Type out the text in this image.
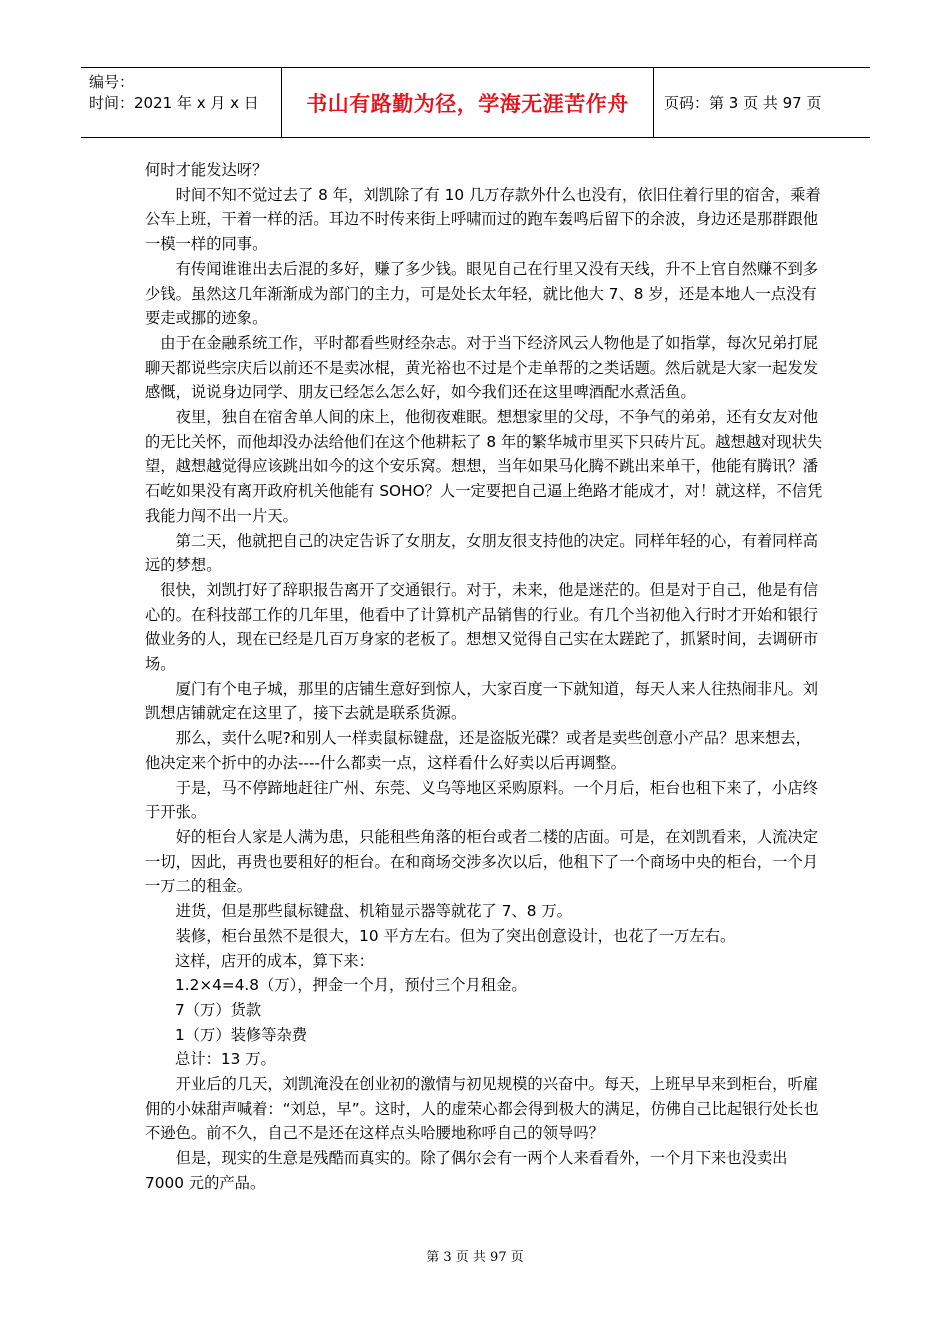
编号：
时间：2021 年 x 月 x 日	书山有路勤为径，学海无涯苦作舟	页码：第 3 页 共 97 页

何时才能发达呀？

时间不知不觉过去了 8 年，刘凯除了有 10 几万存款外什么也没有，依旧住着行里的宿舍，乘着公车上班，干着一样的活。耳边不时传来街上呼啸而过的跑车轰鸣后留下的余波，身边还是那群跟他一模一样的同事。

有传闻谁谁出去后混的多好，赚了多少钱。眼见自己在行里又没有天线，升不上官自然赚不到多少钱。虽然这几年渐渐成为部门的主力，可是处长太年轻，就比他大 7、8 岁，还是本地人一点没有要走或挪的迹象。

由于在金融系统工作，平时都看些财经杂志。对于当下经济风云人物他是了如指掌，每次兄弟打屁聊天都说些宗庆后以前还不是卖冰棍，黄光裕也不过是个走单帮的之类话题。然后就是大家一起发发感慨，说说身边同学、朋友已经怎么怎么好，如今我们还在这里啤酒配水煮活鱼。

夜里，独自在宿舍单人间的床上，他彻夜难眠。想想家里的父母，不争气的弟弟，还有女友对他的无比关怀，而他却没办法给他们在这个他耕耘了 8 年的繁华城市里买下只砖片瓦。越想越对现状失望，越想越觉得应该跳出如今的这个安乐窝。想想，当年如果马化腾不跳出来单干，他能有腾讯？潘石屹如果没有离开政府机关他能有 SOHO？人一定要把自己逼上绝路才能成才，对！就这样，不信凭我能力闯不出一片天。

第二天，他就把自己的决定告诉了女朋友，女朋友很支持他的决定。同样年轻的心，有着同样高远的梦想。

很快，刘凯打好了辞职报告离开了交通银行。对于，未来，他是迷茫的。但是对于自己，他是有信心的。在科技部工作的几年里，他看中了计算机产品销售的行业。有几个当初他入行时才开始和银行做业务的人，现在已经是几百万身家的老板了。想想又觉得自己实在太蹉跎了，抓紧时间，去调研市场。

厦门有个电子城，那里的店铺生意好到惊人，大家百度一下就知道，每天人来人往热闹非凡。刘凯想店铺就定在这里了，接下去就是联系货源。

那么，卖什么呢?和别人一样卖鼠标键盘，还是盗版光碟？或者是卖些创意小产品？思来想去，他决定来个折中的办法----什么都卖一点，这样看什么好卖以后再调整。

于是，马不停蹄地赶往广州、东莞、义乌等地区采购原料。一个月后，柜台也租下来了，小店终于开张。

好的柜台人家是人满为患，只能租些角落的柜台或者二楼的店面。可是，在刘凯看来，人流决定一切，因此，再贵也要租好的柜台。在和商场交涉多次以后，他租下了一个商场中央的柜台，一个月一万二的租金。

进货，但是那些鼠标键盘、机箱显示器等就花了 7、8 万。

装修，柜台虽然不是很大，10 平方左右。但为了突出创意设计，也花了一万左右。

这样，店开的成本，算下来：

1.2×4=4.8（万），押金一个月，预付三个月租金。

7（万）货款

1（万）装修等杂费

总计：13 万。

开业后的几天，刘凯淹没在创业初的激情与初见规模的兴奋中。每天，上班早早来到柜台，听雇佣的小妹甜声喊着：“刘总，早”。这时，人的虚荣心都会得到极大的满足，仿佛自己比起银行处长也不逊色。前不久，自己不是还在这样点头哈腰地称呼自己的领导吗？

但是，现实的生意是残酷而真实的。除了偶尔会有一两个人来看看外，一个月下来也没卖出 7000 元的产品。

第 3 页 共 97 页
